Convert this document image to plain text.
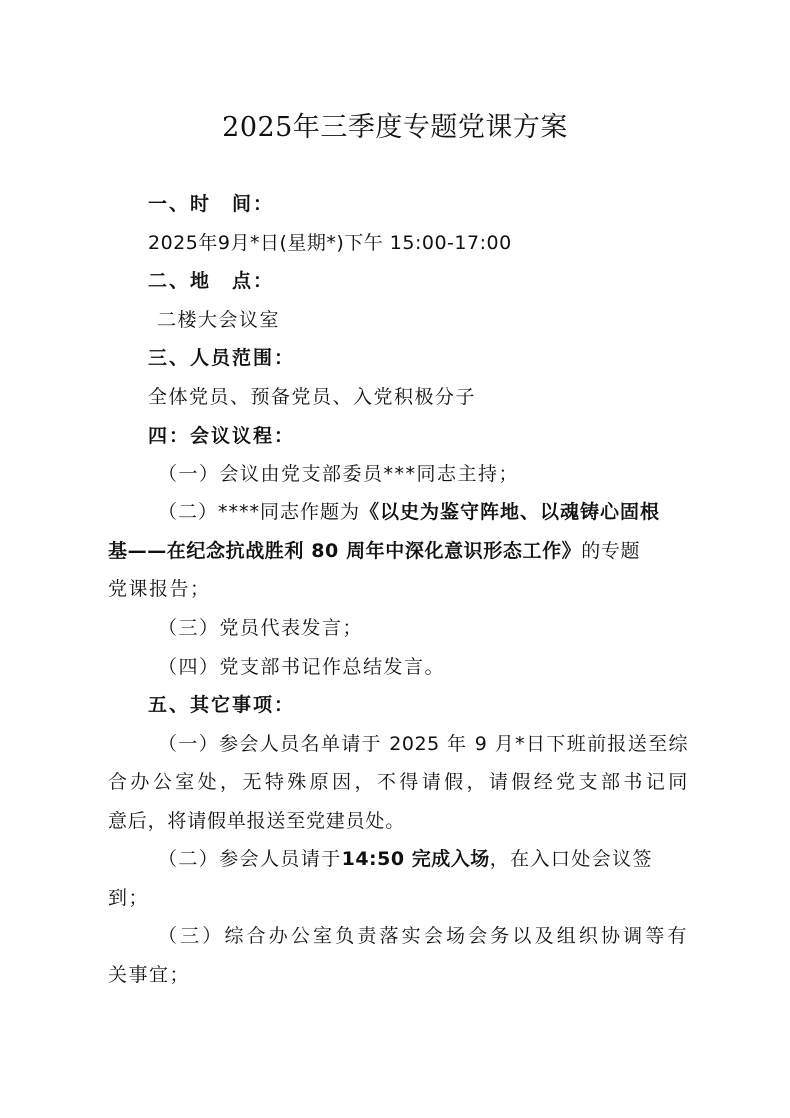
2025年三季度专题党课方案
一、时　间：
2025年9月*日(星期*)下午 15:00-17:00
二、地　点：
二楼大会议室
三、人员范围：
全体党员、预备党员、入党积极分子
四：会议议程：
（一）会议由党支部委员***同志主持；
（二）****同志作题为《以史为鉴守阵地、以魂铸心固根
基——在纪念抗战胜利 80 周年中深化意识形态工作》的专题
党课报告；
（三）党员代表发言；
（四）党支部书记作总结发言。
五、其它事项：
（一）参会人员名单请于 2025 年 9 月*日下班前报送至综
合办公室处，无特殊原因，不得请假，请假经党支部书记同
意后，将请假单报送至党建员处。
（二）参会人员请于14:50 完成入场，在入口处会议签
到；
（三）综合办公室负责落实会场会务以及组织协调等有
关事宜；
